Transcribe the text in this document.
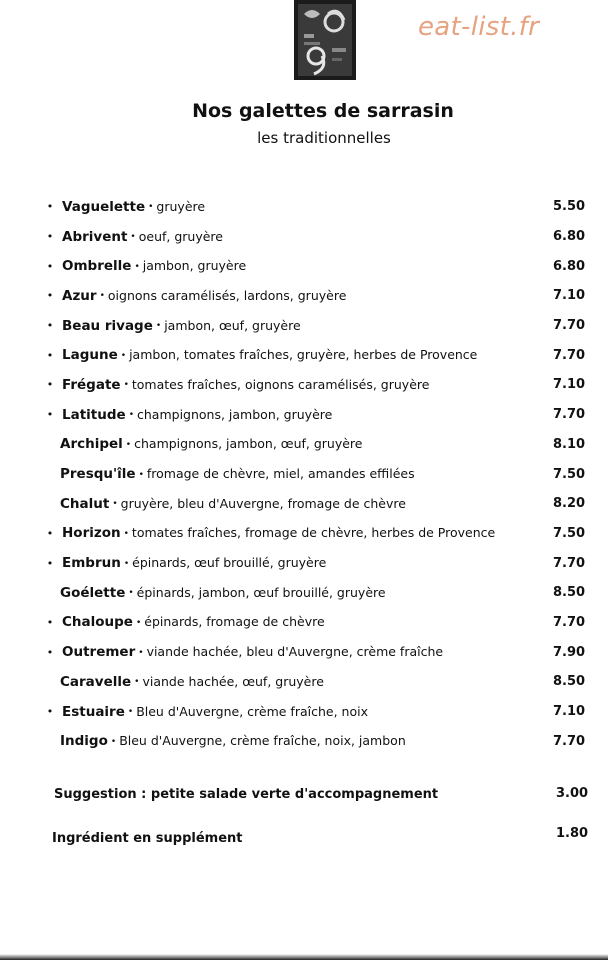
eat-list.fr
Nos galettes de sarrasin
les traditionnelles
• Vaguelette • gruyère	5.50
• Abrivent • oeuf, gruyère	6.80
• Ombrelle • jambon, gruyère	6.80
• Azur • oignons caramélisés, lardons, gruyère	7.10
• Beau rivage • jambon, œuf, gruyère	7.70
• Lagune • jambon, tomates fraîches, gruyère, herbes de Provence	7.70
• Frégate • tomates fraîches, oignons caramélisés, gruyère	7.10
• Latitude • champignons, jambon, gruyère	7.70
Archipel • champignons, jambon, œuf, gruyère	8.10
Presqu'île • fromage de chèvre, miel, amandes effilées	7.50
Chalut • gruyère, bleu d'Auvergne, fromage de chèvre	8.20
• Horizon • tomates fraîches, fromage de chèvre, herbes de Provence	7.50
• Embrun • épinards, œuf brouillé, gruyère	7.70
Goélette • épinards, jambon, œuf brouillé, gruyère	8.50
• Chaloupe • épinards, fromage de chèvre	7.70
• Outremer • viande hachée, bleu d'Auvergne, crème fraîche	7.90
Caravelle • viande hachée, œuf, gruyère	8.50
• Estuaire • Bleu d'Auvergne, crème fraîche, noix	7.10
Indigo • Bleu d'Auvergne, crème fraîche, noix, jambon	7.70
Suggestion : petite salade verte d'accompagnement	3.00
Ingrédient en supplément	1.80
